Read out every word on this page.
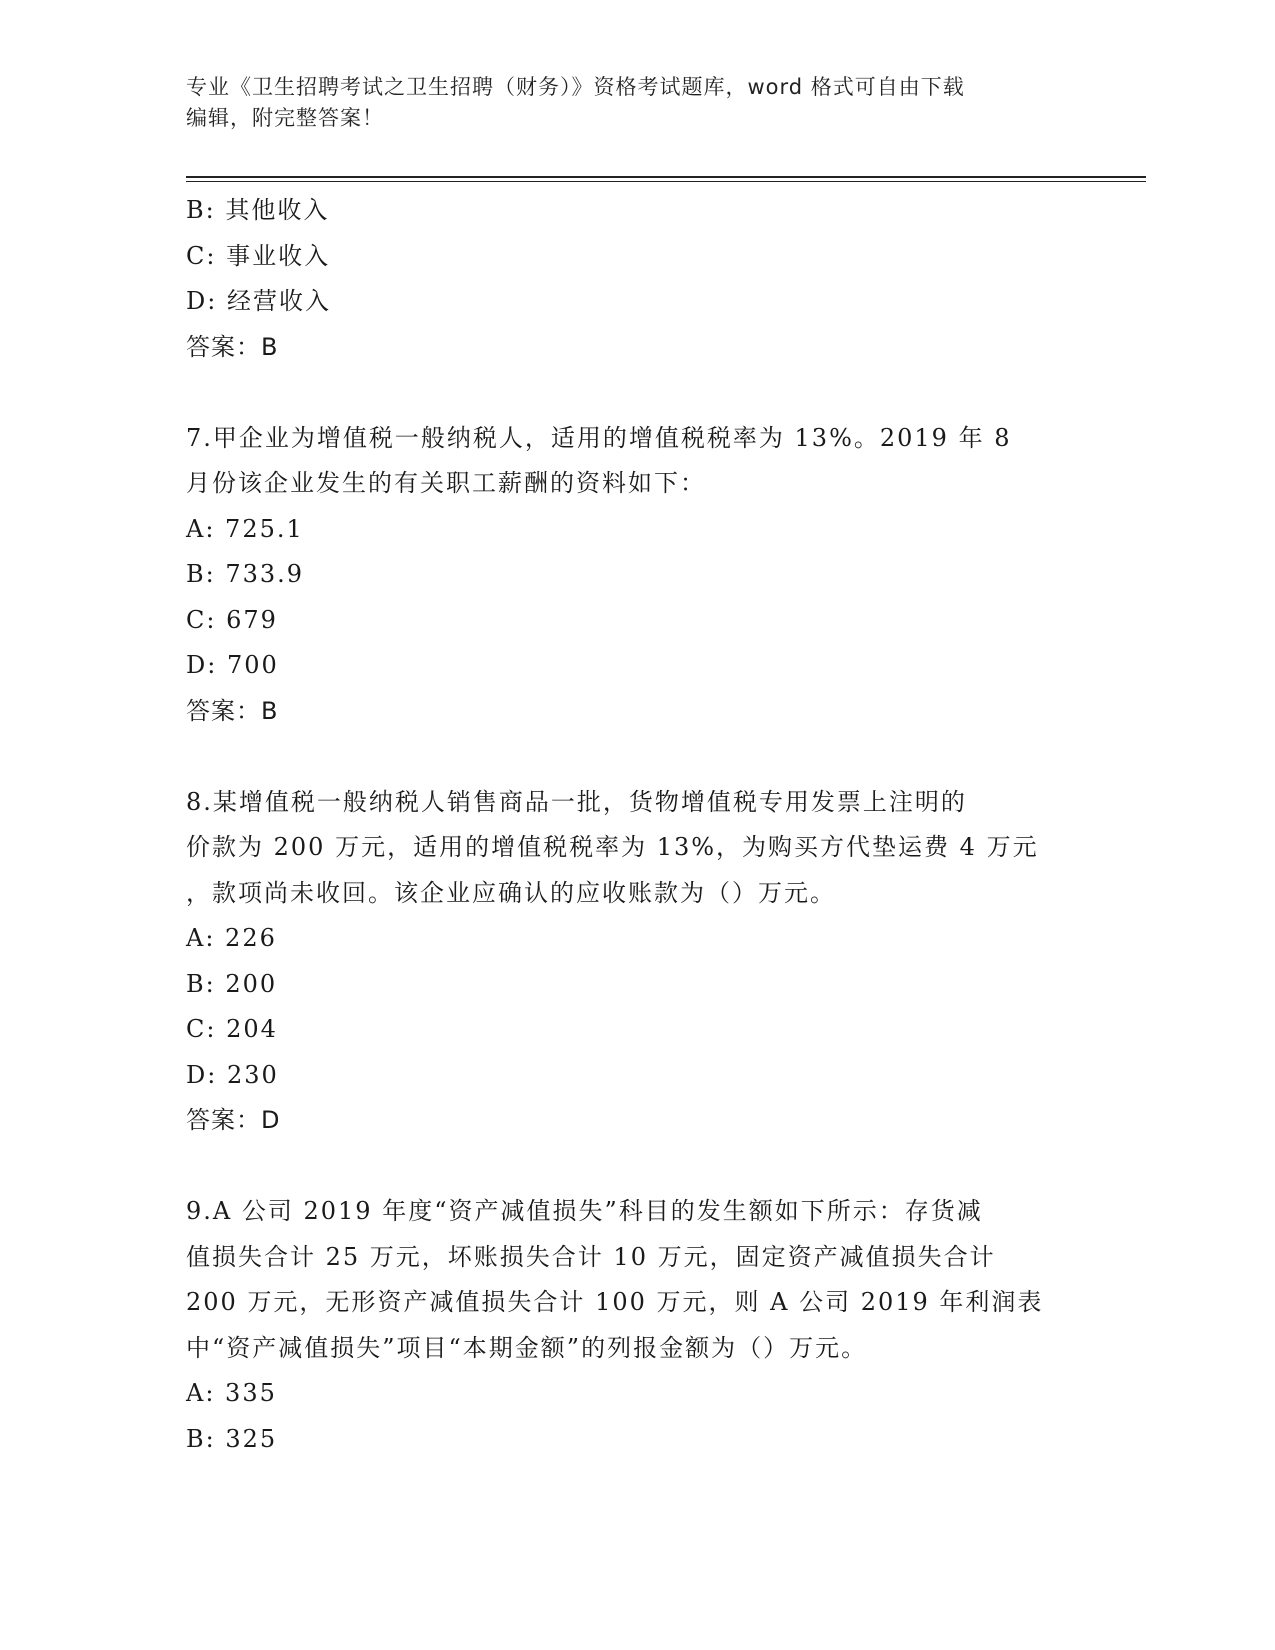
专业《卫生招聘考试之卫生招聘（财务）》资格考试题库，word 格式可自由下载
编辑，附完整答案！
B: 其他收入
C: 事业收入
D: 经营收入
答案：B
7.甲企业为增值税一般纳税人，适用的增值税税率为 13%。2019 年 8
月份该企业发生的有关职工薪酬的资料如下：
A: 725.1
B: 733.9
C: 679
D: 700
答案：B
8.某增值税一般纳税人销售商品一批，货物增值税专用发票上注明的
价款为 200 万元，适用的增值税税率为 13%，为购买方代垫运费 4 万元
，款项尚未收回。该企业应确认的应收账款为（）万元。
A: 226
B: 200
C: 204
D: 230
答案：D
9.A 公司 2019 年度“资产减值损失”科目的发生额如下所示：存货减
值损失合计 25 万元，坏账损失合计 10 万元，固定资产减值损失合计
200 万元，无形资产减值损失合计 100 万元，则 A 公司 2019 年利润表
中“资产减值损失”项目“本期金额”的列报金额为（）万元。
A: 335
B: 325
